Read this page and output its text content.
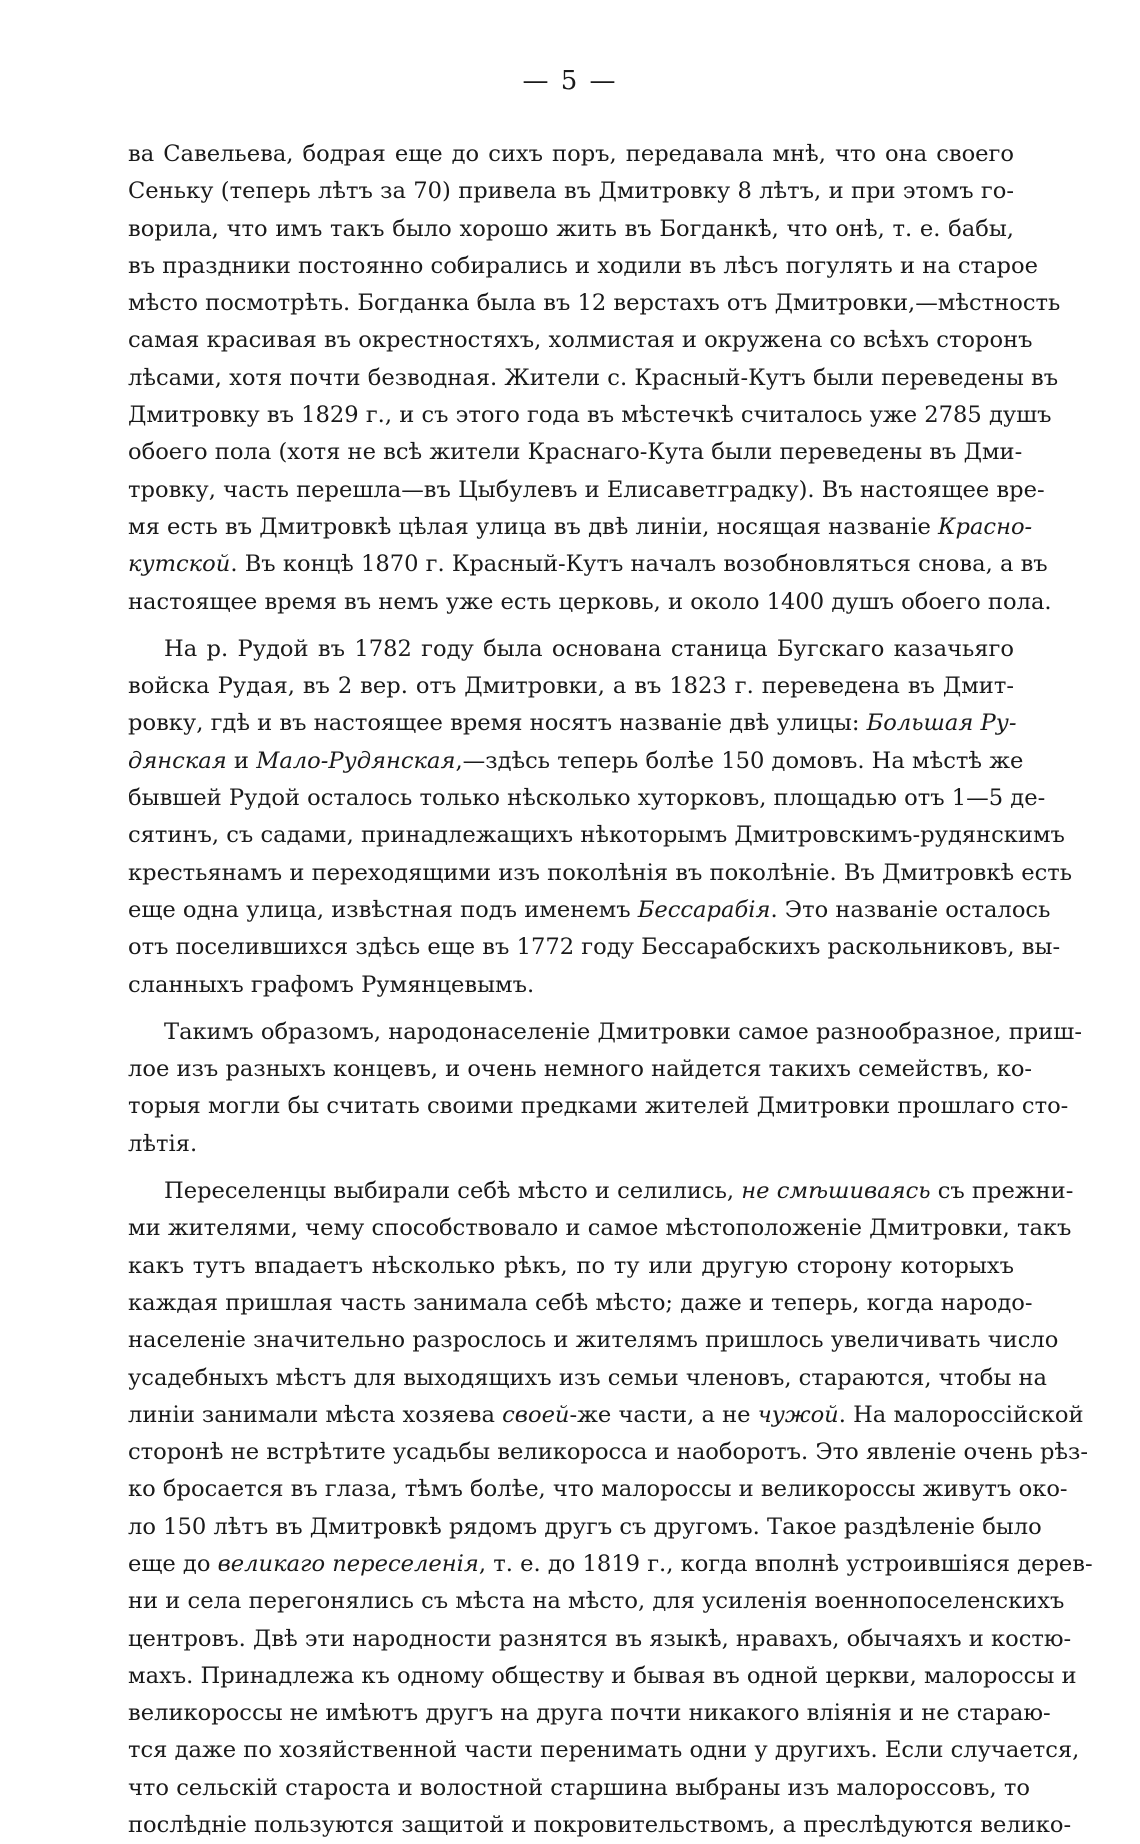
— 5 —
ва Савельева, бодрая еще до сихъ поръ, передавала мнѣ, что она своего
Сеньку (теперь лѣтъ за 70) привела въ Дмитровку 8 лѣтъ, и при этомъ го-
ворила, что имъ такъ было хорошо жить въ Богданкѣ, что онѣ, т. е. бабы,
въ праздники постоянно собирались и ходили въ лѣсъ погулять и на старое
мѣсто посмотрѣть. Богданка была въ 12 верстахъ отъ Дмитровки,—мѣстность
самая красивая въ окрестностяхъ, холмистая и окружена со всѣхъ сторонъ
лѣсами, хотя почти безводная. Жители с. Красный-Кутъ были переведены въ
Дмитровку въ 1829 г., и съ этого года въ мѣстечкѣ считалось уже 2785 душъ
обоего пола (хотя не всѣ жители Краснаго-Кута были переведены въ Дми-
тровку, часть перешла—въ Цыбулевъ и Елисаветградку). Въ настоящее вре-
мя есть въ Дмитровкѣ цѣлая улица въ двѣ линіи, носящая названіе Красно-
кутской. Въ концѣ 1870 г. Красный-Кутъ началъ возобновляться снова, а въ
настоящее время въ немъ уже есть церковь, и около 1400 душъ обоего пола.
На р. Рудой въ 1782 году была основана станица Бугскаго казачьяго
войска Рудая, въ 2 вер. отъ Дмитровки, а въ 1823 г. переведена въ Дмит-
ровку, гдѣ и въ настоящее время носятъ названіе двѣ улицы: Большая Ру-
дянская и Мало-Рудянская,—здѣсь теперь болѣе 150 домовъ. На мѣстѣ же
бывшей Рудой осталось только нѣсколько хуторковъ, площадью отъ 1—5 де-
сятинъ, съ садами, принадлежащихъ нѣкоторымъ Дмитровскимъ-рудянскимъ
крестьянамъ и переходящими изъ поколѣнія въ поколѣніе. Въ Дмитровкѣ есть
еще одна улица, извѣстная подъ именемъ Бессарабія. Это названіе осталось
отъ поселившихся здѣсь еще въ 1772 году Бессарабскихъ раскольниковъ, вы-
сланныхъ графомъ Румянцевымъ.
Такимъ образомъ, народонаселеніе Дмитровки самое разнообразное, приш-
лое изъ разныхъ концевъ, и очень немного найдется такихъ семействъ, ко-
торыя могли бы считать своими предками жителей Дмитровки прошлаго сто-
лѣтія.
Переселенцы выбирали себѣ мѣсто и селились, не смѣшиваясь съ прежни-
ми жителями, чему способствовало и самое мѣстоположеніе Дмитровки, такъ
какъ тутъ впадаетъ нѣсколько рѣкъ, по ту или другую сторону которыхъ
каждая пришлая часть занимала себѣ мѣсто; даже и теперь, когда народо-
населеніе значительно разрослось и жителямъ пришлось увеличивать число
усадебныхъ мѣстъ для выходящихъ изъ семьи членовъ, стараются, чтобы на
линіи занимали мѣста хозяева своей-же части, а не чужой. На малороссійской
сторонѣ не встрѣтите усадьбы великоросса и наоборотъ. Это явленіе очень рѣз-
ко бросается въ глаза, тѣмъ болѣе, что малороссы и великороссы живутъ око-
ло 150 лѣтъ въ Дмитровкѣ рядомъ другъ съ другомъ. Такое раздѣленіе было
еще до великаго переселенія, т. е. до 1819 г., когда вполнѣ устроившіяся дерев-
ни и села перегонялись съ мѣста на мѣсто, для усиленія военнопоселенскихъ
центровъ. Двѣ эти народности разнятся въ языкѣ, нравахъ, обычаяхъ и костю-
махъ. Принадлежа къ одному обществу и бывая въ одной церкви, малороссы и
великороссы не имѣютъ другъ на друга почти никакого вліянія и не стараю-
тся даже по хозяйственной части перенимать одни у другихъ. Если случается,
что сельскій староста и волостной старшина выбраны изъ малороссовъ, то
послѣдніе пользуются защитой и покровительствомъ, а преслѣдуются велико-
